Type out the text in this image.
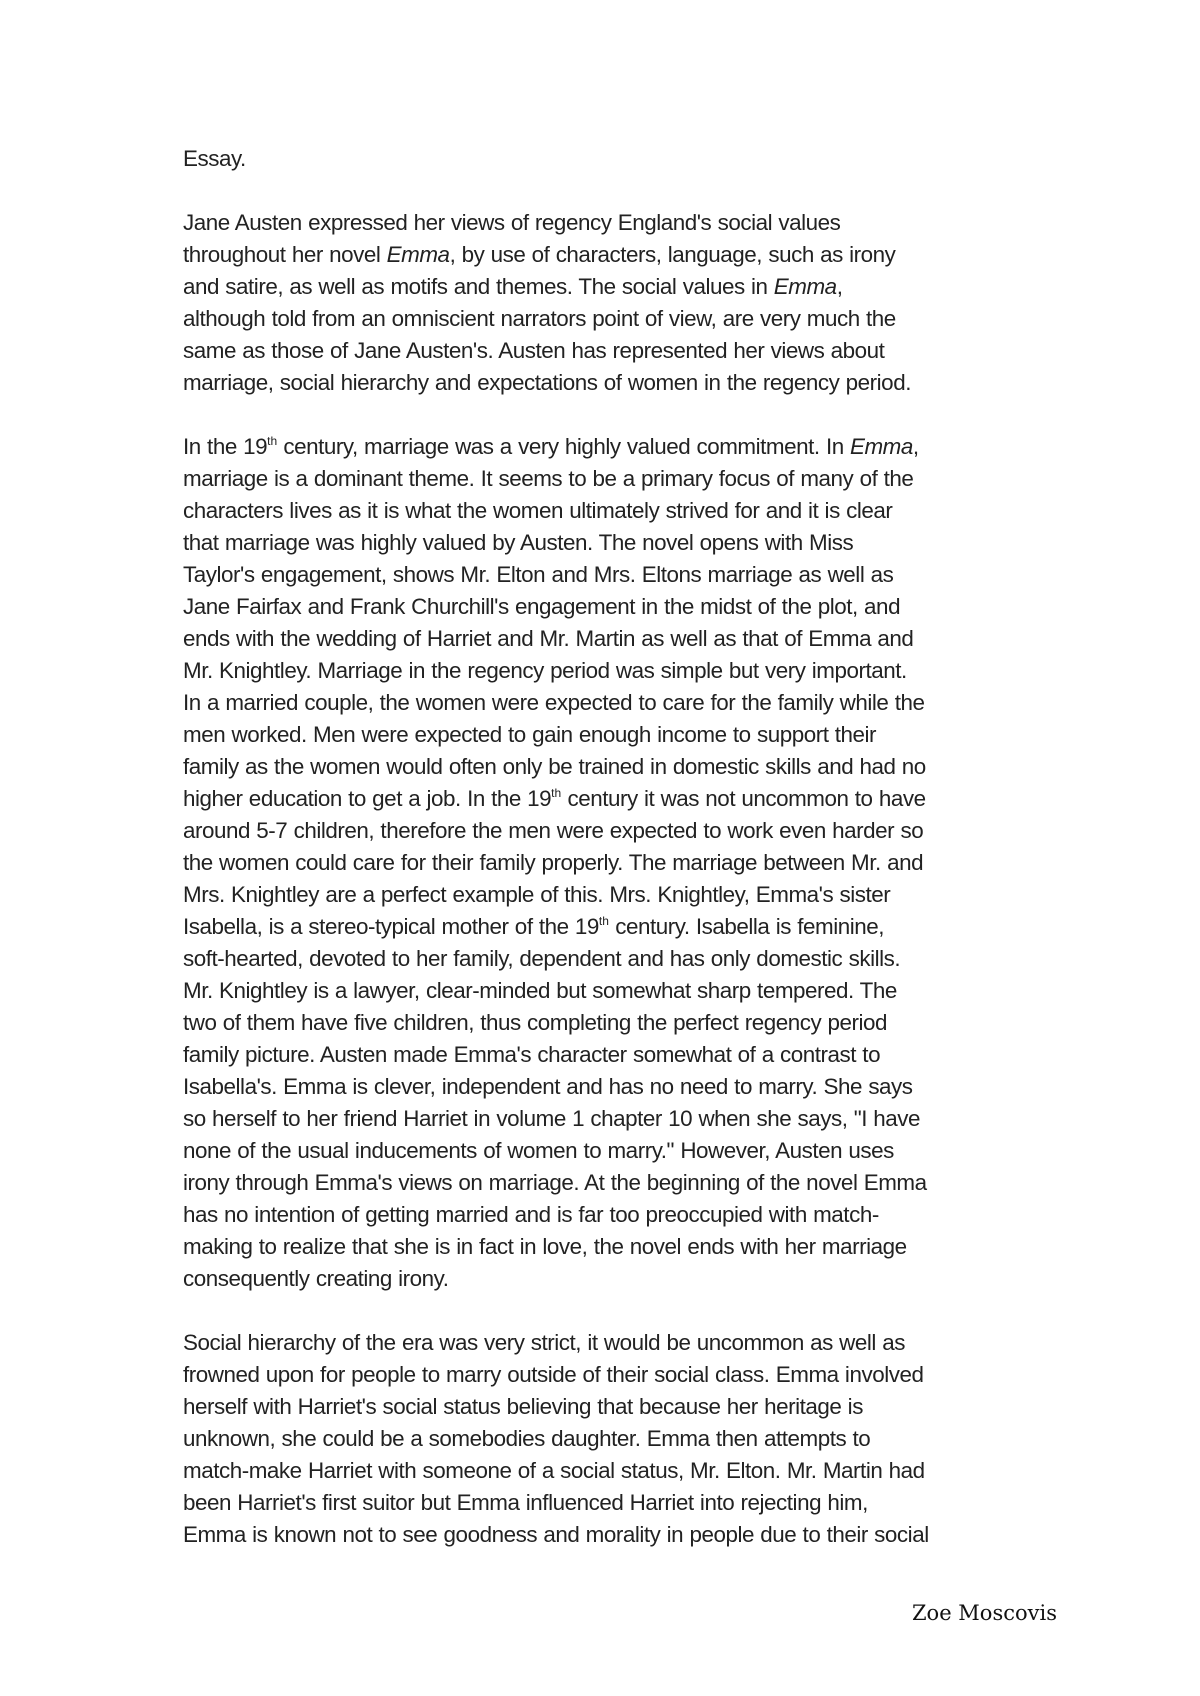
Essay.
Jane Austen expressed her views of regency England's social values
throughout her novel Emma, by use of characters, language, such as irony
and satire, as well as motifs and themes. The social values in Emma,
although told from an omniscient narrators point of view, are very much the
same as those of Jane Austen's. Austen has represented her views about
marriage, social hierarchy and expectations of women in the regency period.
In the 19th century, marriage was a very highly valued commitment. In Emma,
marriage is a dominant theme. It seems to be a primary focus of many of the
characters lives as it is what the women ultimately strived for and it is clear
that marriage was highly valued by Austen. The novel opens with Miss
Taylor's engagement, shows Mr. Elton and Mrs. Eltons marriage as well as
Jane Fairfax and Frank Churchill's engagement in the midst of the plot, and
ends with the wedding of Harriet and Mr. Martin as well as that of Emma and
Mr. Knightley. Marriage in the regency period was simple but very important.
In a married couple, the women were expected to care for the family while the
men worked. Men were expected to gain enough income to support their
family as the women would often only be trained in domestic skills and had no
higher education to get a job. In the 19th century it was not uncommon to have
around 5-7 children, therefore the men were expected to work even harder so
the women could care for their family properly. The marriage between Mr. and
Mrs. Knightley are a perfect example of this. Mrs. Knightley, Emma's sister
Isabella, is a stereo-typical mother of the 19th century. Isabella is feminine,
soft-hearted, devoted to her family, dependent and has only domestic skills.
Mr. Knightley is a lawyer, clear-minded but somewhat sharp tempered. The
two of them have five children, thus completing the perfect regency period
family picture. Austen made Emma's character somewhat of a contrast to
Isabella's. Emma is clever, independent and has no need to marry. She says
so herself to her friend Harriet in volume 1 chapter 10 when she says, "I have
none of the usual inducements of women to marry." However, Austen uses
irony through Emma's views on marriage. At the beginning of the novel Emma
has no intention of getting married and is far too preoccupied with match-
making to realize that she is in fact in love, the novel ends with her marriage
consequently creating irony.
Social hierarchy of the era was very strict, it would be uncommon as well as
frowned upon for people to marry outside of their social class. Emma involved
herself with Harriet's social status believing that because her heritage is
unknown, she could be a somebodies daughter. Emma then attempts to
match-make Harriet with someone of a social status, Mr. Elton. Mr. Martin had
been Harriet's first suitor but Emma influenced Harriet into rejecting him,
Emma is known not to see goodness and morality in people due to their social
Zoe Moscovis
